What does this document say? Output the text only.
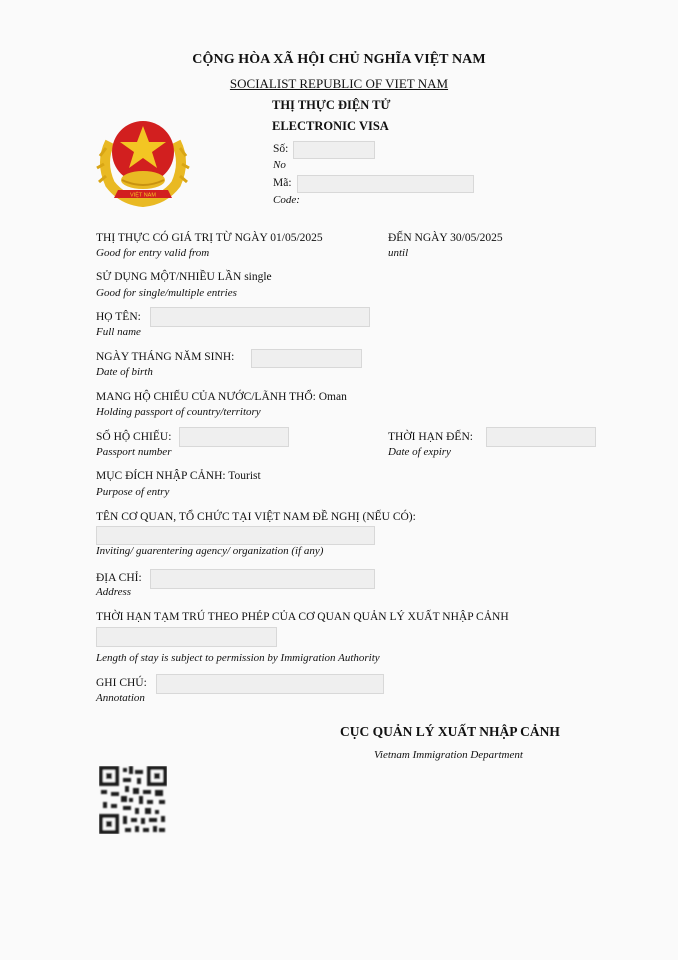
CỘNG HÒA XÃ HỘI CHỦ NGHĨA VIỆT NAM
SOCIALIST REPUBLIC OF VIET NAM
VIỆT NAM
THỊ THỰC ĐIỆN TỬ
ELECTRONIC VISA
Số:
No
Mã:
Code:
THỊ THỰC CÓ GIÁ TRỊ TỪ NGÀY 01/05/2025
Good for entry valid from
ĐẾN NGÀY 30/05/2025
until
SỬ DỤNG MỘT/NHIỀU LẦN single
Good for single/multiple entries
HỌ TÊN:
Full name
NGÀY THÁNG NĂM SINH:
Date of birth
MANG HỘ CHIẾU CỦA NƯỚC/LÃNH THỔ: Oman
Holding passport of country/territory
SỐ HỘ CHIẾU:
Passport number
THỜI HẠN ĐẾN:
Date of expiry
MỤC ĐÍCH NHẬP CẢNH: Tourist
Purpose of entry
TÊN CƠ QUAN, TỔ CHỨC TẠI VIỆT NAM ĐỀ NGHỊ (NẾU CÓ):
Inviting/ guarentering agency/ organization (if any)
ĐỊA CHỈ:
Address
THỜI HẠN TẠM TRÚ THEO PHÉP CỦA CƠ QUAN QUẢN LÝ XUẤT NHẬP CẢNH
Length of stay is subject to permission by Immigration Authority
GHI CHÚ:
Annotation
CỤC QUẢN LÝ XUẤT NHẬP CẢNH
Vietnam Immigration Department
